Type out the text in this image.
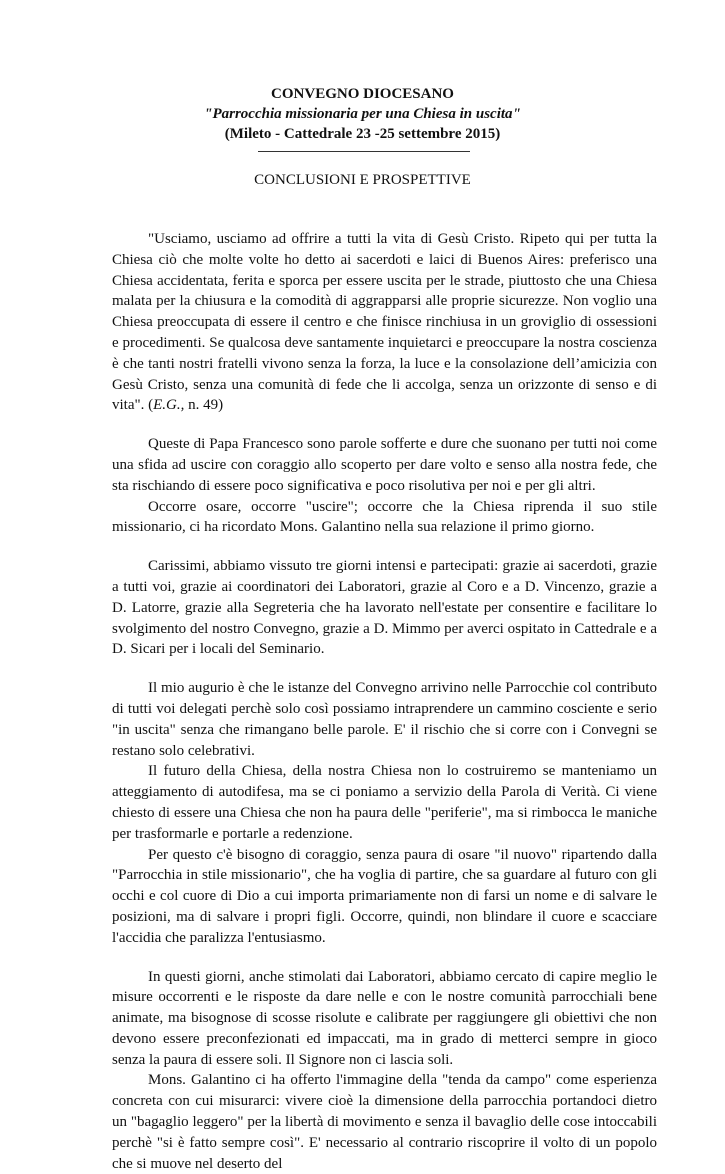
CONVEGNO DIOCESANO
"Parrocchia missionaria per una Chiesa in uscita"
(Mileto - Cattedrale 23 -25 settembre 2015)
CONCLUSIONI E PROSPETTIVE

"Usciamo, usciamo ad offrire a tutti la vita di Gesù Cristo. Ripeto qui per tutta la Chiesa ciò che molte volte ho detto ai sacerdoti e laici di Buenos Aires: preferisco una Chiesa accidentata, ferita e sporca per essere uscita per le strade, piuttosto che una Chiesa malata per la chiusura e la comodità di aggrapparsi alle proprie sicurezze. Non voglio una Chiesa preoccupata di essere il centro e che finisce rinchiusa in un groviglio di ossessioni e procedimenti. Se qualcosa deve santamente inquietarci e preoccupare la nostra coscienza è che tanti nostri fratelli vivono senza la forza, la luce e la consolazione dell’amicizia con Gesù Cristo, senza una comunità di fede che li accolga, senza un orizzonte di senso e di vita". (E.G., n. 49)

Queste di Papa Francesco sono parole sofferte e dure che suonano per tutti noi come una sfida ad uscire con coraggio allo scoperto per dare volto e senso alla nostra fede, che sta rischiando di essere poco significativa e poco risolutiva per noi e per gli altri.

Occorre osare, occorre "uscire"; occorre che la Chiesa riprenda il suo stile missionario, ci ha ricordato Mons. Galantino nella sua relazione il primo giorno.

Carissimi, abbiamo vissuto tre giorni intensi e partecipati: grazie ai sacerdoti, grazie a tutti voi, grazie ai coordinatori dei Laboratori, grazie al Coro e a D. Vincenzo, grazie a D. Latorre, grazie alla Segreteria che ha lavorato nell'estate per consentire e facilitare lo svolgimento del nostro Convegno, grazie a D. Mimmo per averci ospitato in Cattedrale e a D. Sicari per i locali del Seminario.

Il mio augurio è che le istanze del Convegno arrivino nelle Parrocchie col contributo di tutti voi delegati perchè solo così possiamo intraprendere un cammino cosciente e serio "in uscita" senza che rimangano belle parole. E' il rischio che si corre con i Convegni se restano solo celebrativi.

Il futuro della Chiesa, della nostra Chiesa non lo costruiremo se manteniamo un atteggiamento di autodifesa, ma se ci poniamo a servizio della Parola di Verità. Ci viene chiesto di essere una Chiesa che non ha paura delle "periferie", ma si rimbocca le maniche per trasformarle e portarle a redenzione.

Per questo c'è bisogno di coraggio, senza paura di osare "il nuovo" ripartendo dalla "Parrocchia in stile missionario", che ha voglia di partire, che sa guardare al futuro con gli occhi e col cuore di Dio a cui importa primariamente non di farsi un nome e di salvare le posizioni, ma di salvare i propri figli. Occorre, quindi, non blindare il cuore e scacciare l'accidia che paralizza l'entusiasmo.

In questi giorni, anche stimolati dai Laboratori, abbiamo cercato di capire meglio le misure occorrenti e le risposte da dare nelle e con le nostre comunità parrocchiali bene animate, ma bisognose di scosse risolute e calibrate per raggiungere gli obiettivi che non devono essere preconfezionati ed impaccati, ma in grado di metterci sempre in gioco senza la paura di essere soli. Il Signore non ci lascia soli.

Mons. Galantino ci ha offerto l'immagine della "tenda da campo" come esperienza concreta con cui misurarci: vivere cioè la dimensione della parrocchia portandoci dietro un "bagaglio leggero" per la libertà di movimento e senza il bavaglio delle cose intoccabili perchè "si è fatto sempre così". E' necessario al contrario riscoprire il volto di un popolo che si muove nel deserto del
